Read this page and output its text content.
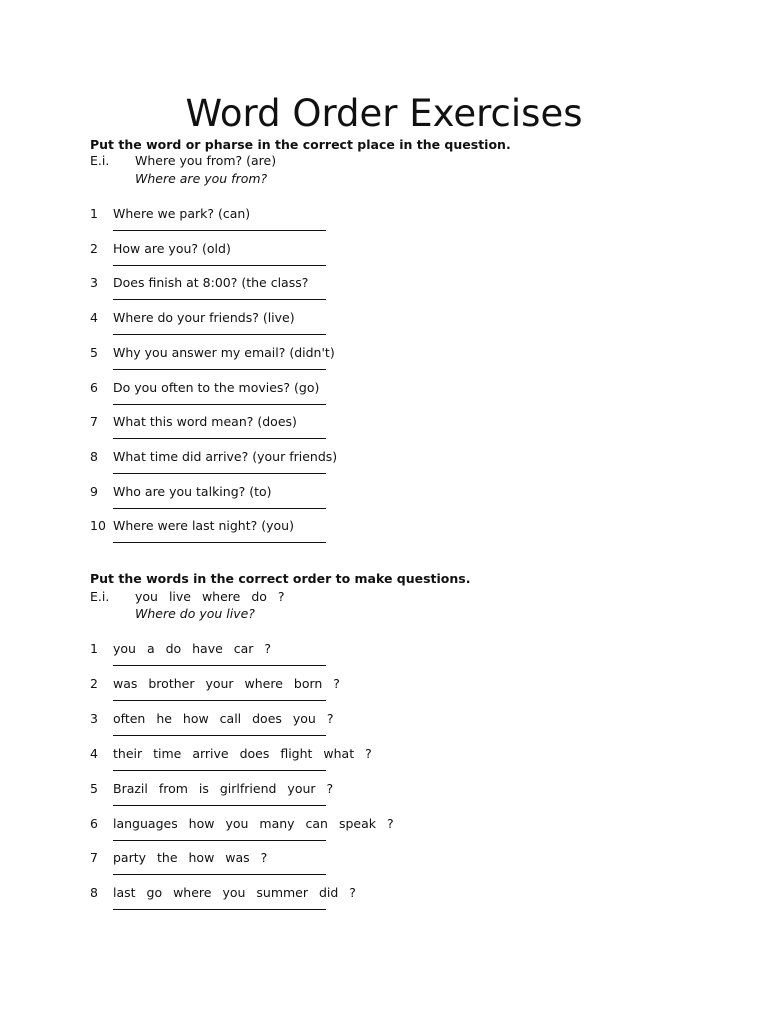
Word Order Exercises
Put the word or pharse in the correct place in the question.
E.i. Where you from? (are)
Where are you from?
1 Where we park? (can)
2 How are you? (old)
3 Does finish at 8:00? (the class?
4 Where do your friends? (live)
5 Why you answer my email? (didn't)
6 Do you often to the movies? (go)
7 What this word mean? (does)
8 What time did arrive? (your friends)
9 Who are you talking? (to)
10 Where were last night? (you)
Put the words in the correct order to make questions.
E.i. you live where do ?
Where do you live?
1 you a do have car ?
2 was brother your where born ?
3 often he how call does you ?
4 their time arrive does flight what ?
5 Brazil from is girlfriend your ?
6 languages how you many can speak ?
7 party the how was ?
8 last go where you summer did ?
